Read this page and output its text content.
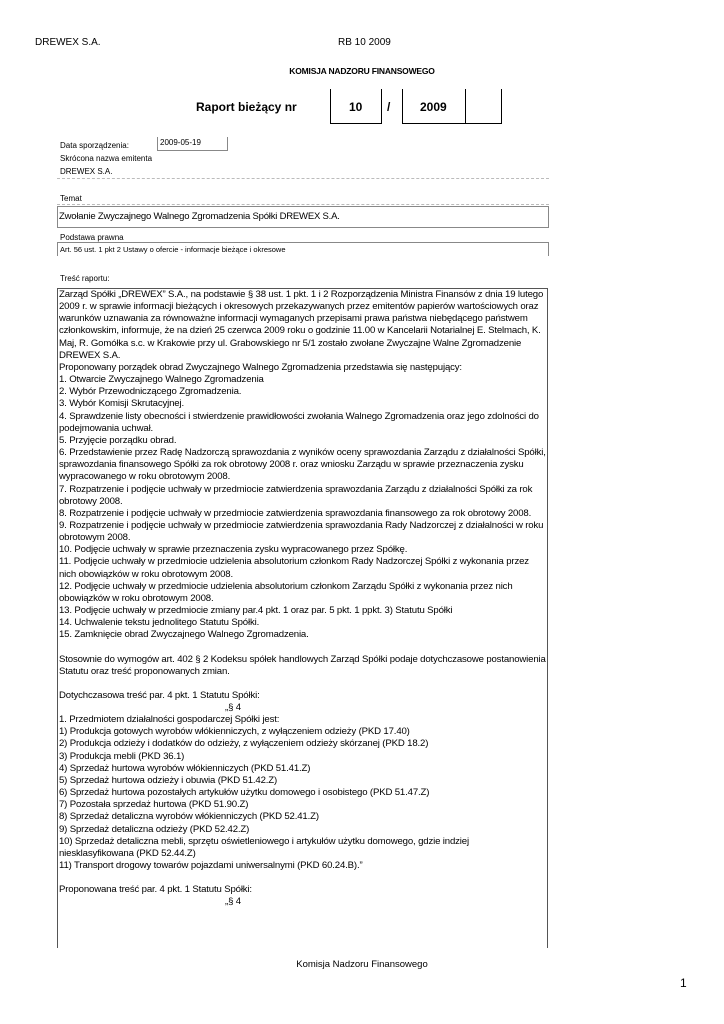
DREWEX S.A.	RB 10 2009
KOMISJA NADZORU FINANSOWEGO
Raport bieżący nr	10 / 2009
Data sporządzenia:	2009-05-19
Skrócona nazwa emitenta
DREWEX S.A.
Temat
Zwołanie Zwyczajnego Walnego Zgromadzenia Spółki DREWEX S.A.
Podstawa prawna
Art. 56 ust. 1 pkt 2 Ustawy o ofercie - informacje bieżące i okresowe
Treść raportu:

Zarząd Spółki „DREWEX” S.A., na podstawie § 38 ust. 1 pkt. 1 i 2 Rozporządzenia Ministra Finansów z dnia 19 lutego 2009 r. w sprawie informacji bieżących i okresowych przekazywanych przez emitentów papierów wartościowych oraz warunków uznawania za równoważne informacji wymaganych przepisami prawa państwa niebędącego państwem członkowskim, informuje, że na dzień 25 czerwca 2009 roku o godzinie 11.00 w Kancelarii Notarialnej E. Stelmach, K. Maj, R. Gomółka s.c. w Krakowie przy ul. Grabowskiego nr 5/1 zostało zwołane Zwyczajne Walne Zgromadzenie DREWEX S.A.

Proponowany porządek obrad Zwyczajnego Walnego Zgromadzenia przedstawia się następujący:

1. Otwarcie Zwyczajnego Walnego Zgromadzenia

2. Wybór Przewodniczącego Zgromadzenia.

3. Wybór Komisji Skrutacyjnej.

4. Sprawdzenie listy obecności i stwierdzenie prawidłowości zwołania Walnego Zgromadzenia oraz jego zdolności do podejmowania uchwał.

5. Przyjęcie porządku obrad.

6. Przedstawienie przez Radę Nadzorczą sprawozdania z wyników oceny sprawozdania Zarządu z działalności Spółki, sprawozdania finansowego Spółki za rok obrotowy 2008 r. oraz wniosku Zarządu w sprawie przeznaczenia zysku wypracowanego w roku obrotowym 2008.

7. Rozpatrzenie i podjęcie uchwały w przedmiocie zatwierdzenia sprawozdania Zarządu z działalności Spółki za rok obrotowy 2008.

8. Rozpatrzenie i podjęcie uchwały w przedmiocie zatwierdzenia sprawozdania finansowego za rok obrotowy 2008.

9. Rozpatrzenie i podjęcie uchwały w przedmiocie zatwierdzenia sprawozdania Rady Nadzorczej z działalności w roku obrotowym 2008.

10. Podjęcie uchwały w sprawie przeznaczenia zysku wypracowanego przez Spółkę.

11. Podjęcie uchwały w przedmiocie udzielenia absolutorium członkom Rady Nadzorczej Spółki z wykonania przez nich obowiązków w roku obrotowym 2008.

12. Podjęcie uchwały w przedmiocie udzielenia absolutorium członkom Zarządu Spółki z wykonania przez nich obowiązków w roku obrotowym 2008.

13. Podjęcie uchwały w przedmiocie zmiany par.4 pkt. 1 oraz par. 5 pkt. 1 ppkt. 3) Statutu Spółki

14. Uchwalenie tekstu jednolitego Statutu Spółki.

15. Zamknięcie obrad Zwyczajnego Walnego Zgromadzenia.

Stosownie do wymogów art. 402 § 2 Kodeksu spółek handlowych Zarząd Spółki podaje dotychczasowe postanowienia Statutu oraz treść proponowanych zmian.

Dotychczasowa treść par. 4 pkt. 1 Statutu Spółki:

„§ 4

1. Przedmiotem działalności gospodarczej Spółki jest:

1) Produkcja gotowych wyrobów włókienniczych, z wyłączeniem odzieży (PKD 17.40)

2) Produkcja odzieży i dodatków do odzieży, z wyłączeniem odzieży skórzanej (PKD 18.2)

3) Produkcja mebli (PKD 36.1)

4) Sprzedaż hurtowa wyrobów włókienniczych (PKD 51.41.Z)

5) Sprzedaż hurtowa odzieży i obuwia (PKD 51.42.Z)

6) Sprzedaż hurtowa pozostałych artykułów użytku domowego i osobistego (PKD 51.47.Z)

7) Pozostała sprzedaż hurtowa (PKD 51.90.Z)

8) Sprzedaż detaliczna wyrobów włókienniczych (PKD 52.41.Z)

9) Sprzedaż detaliczna odzieży (PKD 52.42.Z)

10) Sprzedaż detaliczna mebli, sprzętu oświetleniowego i artykułów użytku domowego, gdzie indziej niesklasyfikowana (PKD 52.44.Z)

11) Transport drogowy towarów pojazdami uniwersalnymi (PKD 60.24.B).”

Proponowana treść par. 4 pkt. 1 Statutu Spółki:

„§ 4

Komisja Nadzoru Finansowego
1
